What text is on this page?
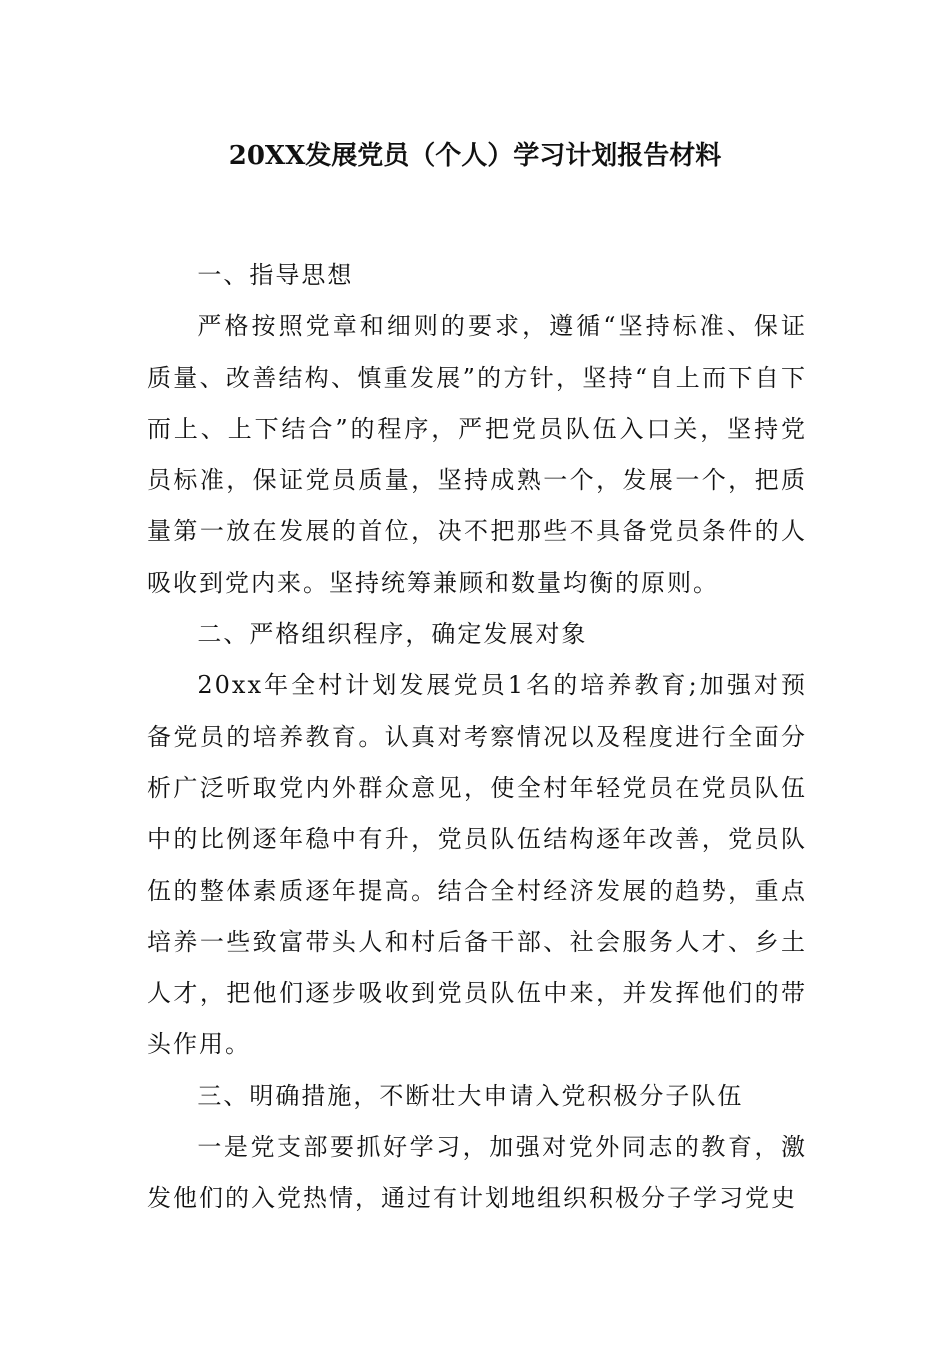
20XX发展党员（个人）学习计划报告材料

一、指导思想

严格按照党章和细则的要求，遵循“坚持标准、保证质量、改善结构、慎重发展”的方针，坚持“自上而下自下而上、上下结合”的程序，严把党员队伍入口关，坚持党员标准，保证党员质量，坚持成熟一个，发展一个，把质量第一放在发展的首位，决不把那些不具备党员条件的人吸收到党内来。坚持统筹兼顾和数量均衡的原则。

二、严格组织程序，确定发展对象

20xx年全村计划发展党员1名的培养教育;加强对预备党员的培养教育。认真对考察情况以及程度进行全面分析广泛听取党内外群众意见，使全村年轻党员在党员队伍中的比例逐年稳中有升，党员队伍结构逐年改善，党员队伍的整体素质逐年提高。结合全村经济发展的趋势，重点培养一些致富带头人和村后备干部、社会服务人才、乡土人才，把他们逐步吸收到党员队伍中来，并发挥他们的带头作用。

三、明确措施，不断壮大申请入党积极分子队伍

一是党支部要抓好学习，加强对党外同志的教育，激发他们的入党热情，通过有计划地组织积极分子学习党史
